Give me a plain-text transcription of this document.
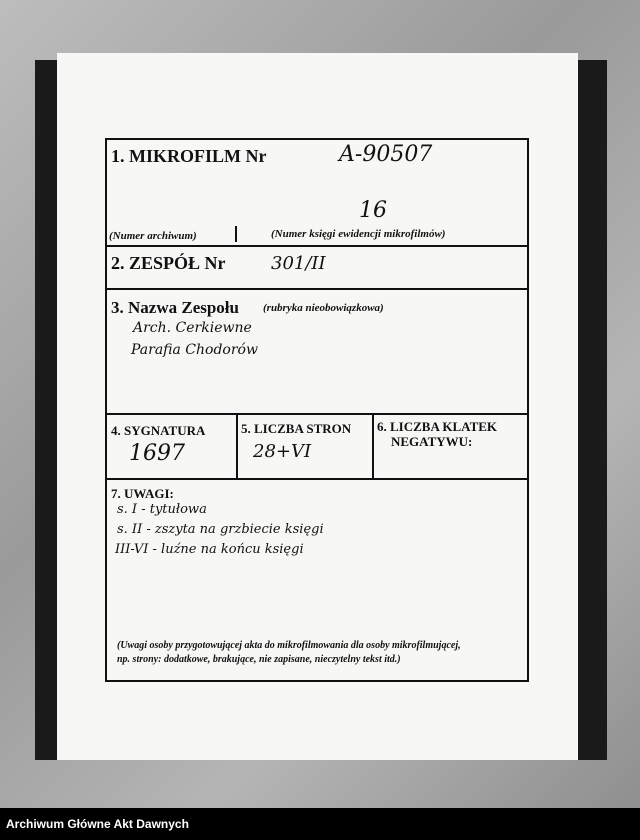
1. MIKROFILM Nr	A-90507
16
(Numer archiwum)	(Numer księgi ewidencji mikrofilmów)
2. ZESPÓŁ Nr	301/II
3. Nazwa Zespołu (rubryka nieobowiązkowa)
Arch. Cerkiewne
Parafia Chodorów
4. SYGNATURA
1697
5. LICZBA STRON
28+VI
6. LICZBA KLATEK
NEGATYWU:
7. UWAGI:
s. I - tytułowa
s. II - zszyta na grzbiecie księgi
III-VI - luźne na końcu księgi
(Uwagi osoby przygotowującej akta do mikrofilmowania dla osoby mikrofilmującej,
np. strony: dodatkowe, brakujące, nie zapisane, nieczytelny tekst itd.)
Archiwum Główne Akt Dawnych
